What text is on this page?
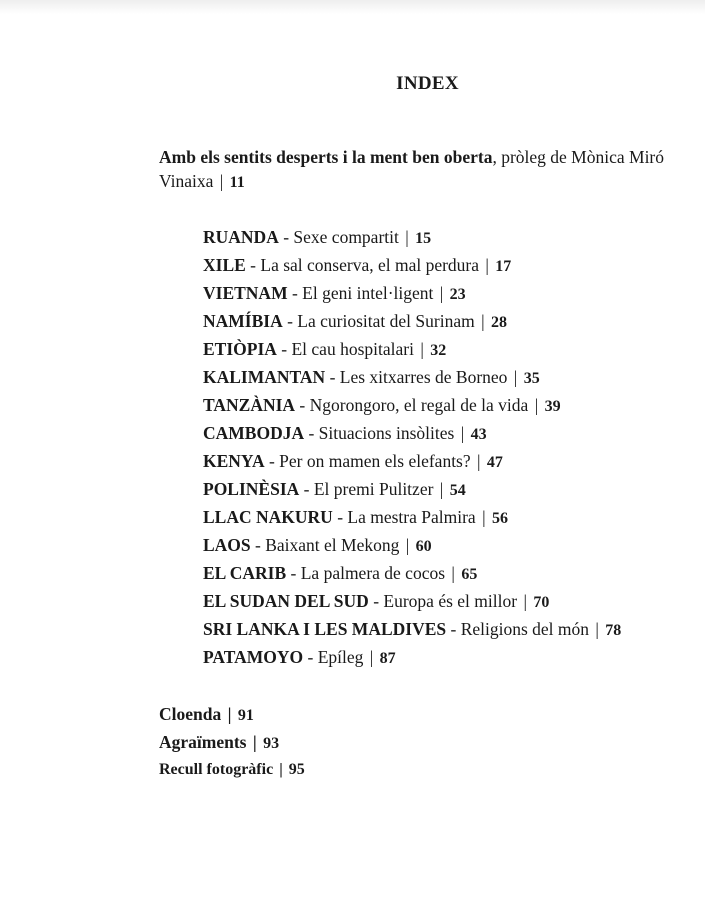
INDEX
Amb els sentits desperts i la ment ben oberta, pròleg de Mònica Miró Vinaixa | 11
RUANDA - Sexe compartit | 15
XILE - La sal conserva, el mal perdura | 17
VIETNAM - El geni intel·ligent | 23
NAMÍBIA - La curiositat del Surinam | 28
ETIÒPIA - El cau hospitalari | 32
KALIMANTAN - Les xitxarres de Borneo | 35
TANZÀNIA - Ngorongoro, el regal de la vida | 39
CAMBODJA - Situacions insòlites | 43
KENYA - Per on mamen els elefants? | 47
POLINÈSIA - El premi Pulitzer | 54
LLAC NAKURU - La mestra Palmira | 56
LAOS - Baixant el Mekong | 60
EL CARIB - La palmera de cocos | 65
EL SUDAN DEL SUD - Europa és el millor | 70
SRI LANKA I LES MALDIVES - Religions del món | 78
PATAMOYO - Epíleg | 87
Cloenda | 91
Agraïments | 93
Recull fotogràfic | 95
